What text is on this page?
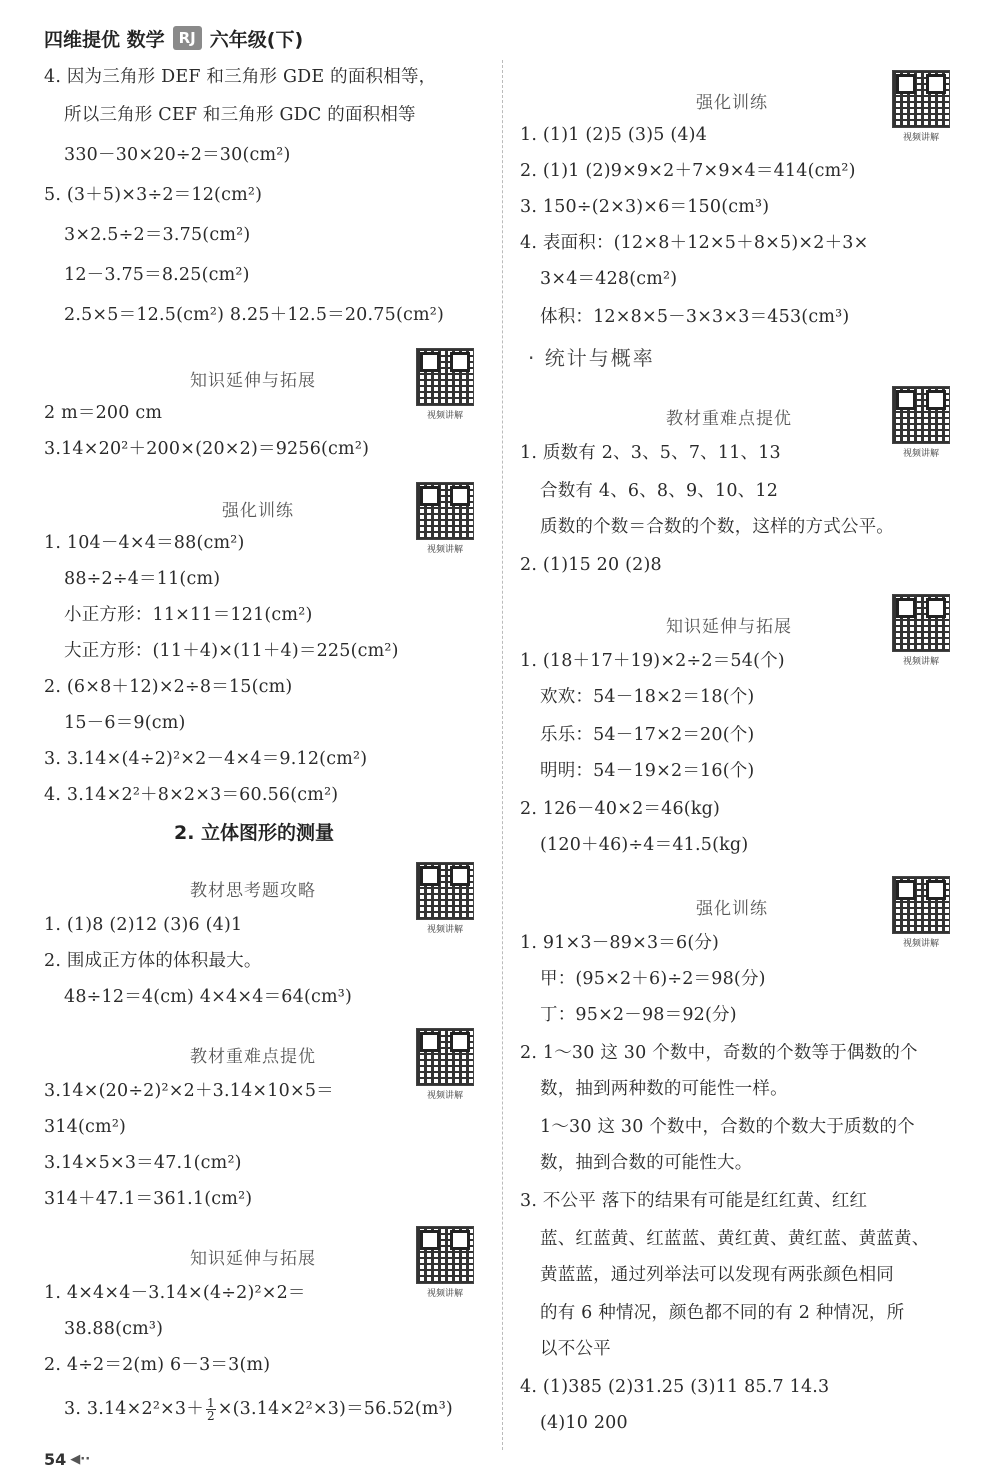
四维提优 数学 RJ 六年级(下)
4. 因为三角形 DEF 和三角形 GDE 的面积相等，
所以三角形 CEF 和三角形 GDC 的面积相等
330－30×20÷2＝30(cm²)
5. (3＋5)×3÷2＝12(cm²)
3×2.5÷2＝3.75(cm²)
12－3.75＝8.25(cm²)
2.5×5＝12.5(cm²) 8.25＋12.5＝20.75(cm²)
知识延伸与拓展
视频讲解
2 m＝200 cm
3.14×20²＋200×(20×2)＝9256(cm²)
强化训练
视频讲解
1. 104－4×4＝88(cm²)
88÷2÷4＝11(cm)
小正方形：11×11＝121(cm²)
大正方形：(11＋4)×(11＋4)＝225(cm²)
2. (6×8＋12)×2÷8＝15(cm)
15－6＝9(cm)
3. 3.14×(4÷2)²×2－4×4＝9.12(cm²)
4. 3.14×2²＋8×2×3＝60.56(cm²)
2. 立体图形的测量
教材思考题攻略
视频讲解
1. (1)8 (2)12 (3)6 (4)1
2. 围成正方体的体积最大。
48÷12＝4(cm) 4×4×4＝64(cm³)
教材重难点提优
视频讲解
3.14×(20÷2)²×2＋3.14×10×5＝
314(cm²)
3.14×5×3＝47.1(cm²)
314＋47.1＝361.1(cm²)
知识延伸与拓展
视频讲解
1. 4×4×4－3.14×(4÷2)²×2＝
38.88(cm³)
2. 4÷2＝2(m) 6－3＝3(m)
3. $3.14\times 2^2\times 3+ \frac{1}{2} \times(3.14\times 2^2\times 3)=56.52(m^3)$
强化训练
视频讲解
1. (1)1 (2)5 (3)5 (4)4
2. (1)1 (2)9×9×2＋7×9×4＝414(cm²)
3. 150÷(2×3)×6＝150(cm³)
4. 表面积：(12×8＋12×5＋8×5)×2＋3×
3×4＝428(cm²)
体积：12×8×5－3×3×3＝453(cm³)
· 统计与概率
教材重难点提优
视频讲解
1. 质数有 2、3、5、7、11、13
合数有 4、6、8、9、10、12
质数的个数＝合数的个数，这样的方式公平。
2. (1)15 20 (2)8
知识延伸与拓展
视频讲解
1. (18＋17＋19)×2÷2＝54(个)
欢欢：54－18×2＝18(个)
乐乐：54－17×2＝20(个)
明明：54－19×2＝16(个)
2. 126－40×2＝46(kg)
(120＋46)÷4＝41.5(kg)
强化训练
视频讲解
1. 91×3－89×3＝6(分)
甲：(95×2＋6)÷2＝98(分)
丁：95×2－98＝92(分)
2. 1～30 这 30 个数中，奇数的个数等于偶数的个
数，抽到两种数的可能性一样。
1～30 这 30 个数中，合数的个数大于质数的个
数，抽到合数的可能性大。
3. 不公平 落下的结果有可能是红红黄、红红
蓝、红蓝黄、红蓝蓝、黄红黄、黄红蓝、黄蓝黄、
黄蓝蓝，通过列举法可以发现有两张颜色相同
的有 6 种情况，颜色都不同的有 2 种情况，所
以不公平
4. (1)385 (2)31.25 (3)11 85.7 14.3
(4)10 200
54 ◀··
